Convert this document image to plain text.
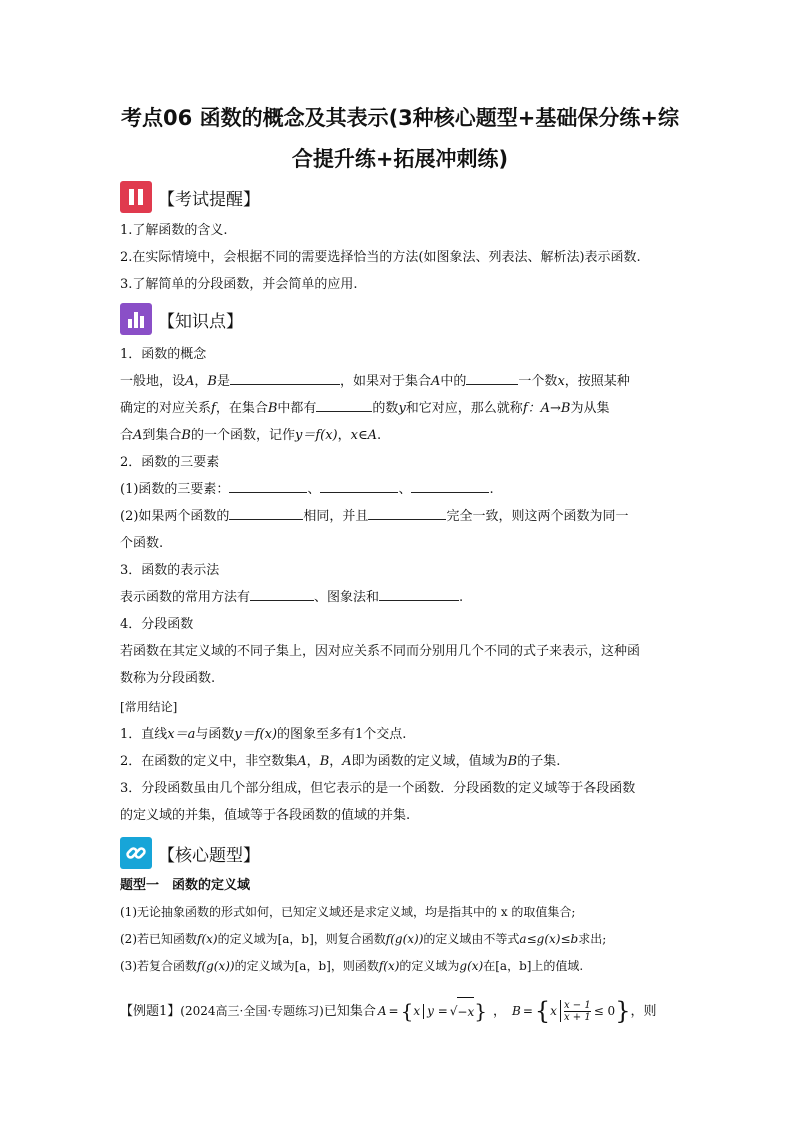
考点06 函数的概念及其表示(3种核心题型+基础保分练+综
合提升练+拓展冲刺练)
【考试提醒】
1.了解函数的含义.
2.在实际情境中，会根据不同的需要选择恰当的方法(如图象法、列表法、解析法)表示函数.
3.了解简单的分段函数，并会简单的应用.
【知识点】
1．函数的概念
一般地，设A，B是	，如果对于集合A中的	一个数x，按照某种
确定的对应关系f，在集合B中都有	的数y和它对应，那么就称f：A→B为从集
合A到集合B的一个函数，记作y＝f(x)，x∈A.
2．函数的三要素
(1)函数的三要素：	、	、	.
(2)如果两个函数的	相同，并且	完全一致，则这两个函数为同一
个函数.
3．函数的表示法
表示函数的常用方法有	、图象法和	.
4．分段函数
若函数在其定义域的不同子集上，因对应关系不同而分别用几个不同的式子来表示，这种函
数称为分段函数.
[常用结论]
1．直线x＝a与函数y＝f(x)的图象至多有1个交点.
2．在函数的定义中，非空数集A，B，A即为函数的定义域，值域为B的子集.
3．分段函数虽由几个部分组成，但它表示的是一个函数．分段函数的定义域等于各段函数
的定义域的并集，值域等于各段函数的值域的并集.
【核心题型】
题型一　函数的定义域
(1)无论抽象函数的形式如何，已知定义域还是求定义域，均是指其中的 x 的取值集合;
(2)若已知函数f(x)的定义域为[a，b]，则复合函数f(g(x))的定义域由不等式a≤g(x)≤b求出;
(3)若复合函数f(g(x))的定义域为[a，b]，则函数f(x)的定义域为g(x)在[a，b]上的值域.
【例题1】 (2024高三·全国·专题练习) 已知集合 A = { x y = √ −x } ， B = { x $\frac{x - 1}{x + 1} \le 0$ } ，则
